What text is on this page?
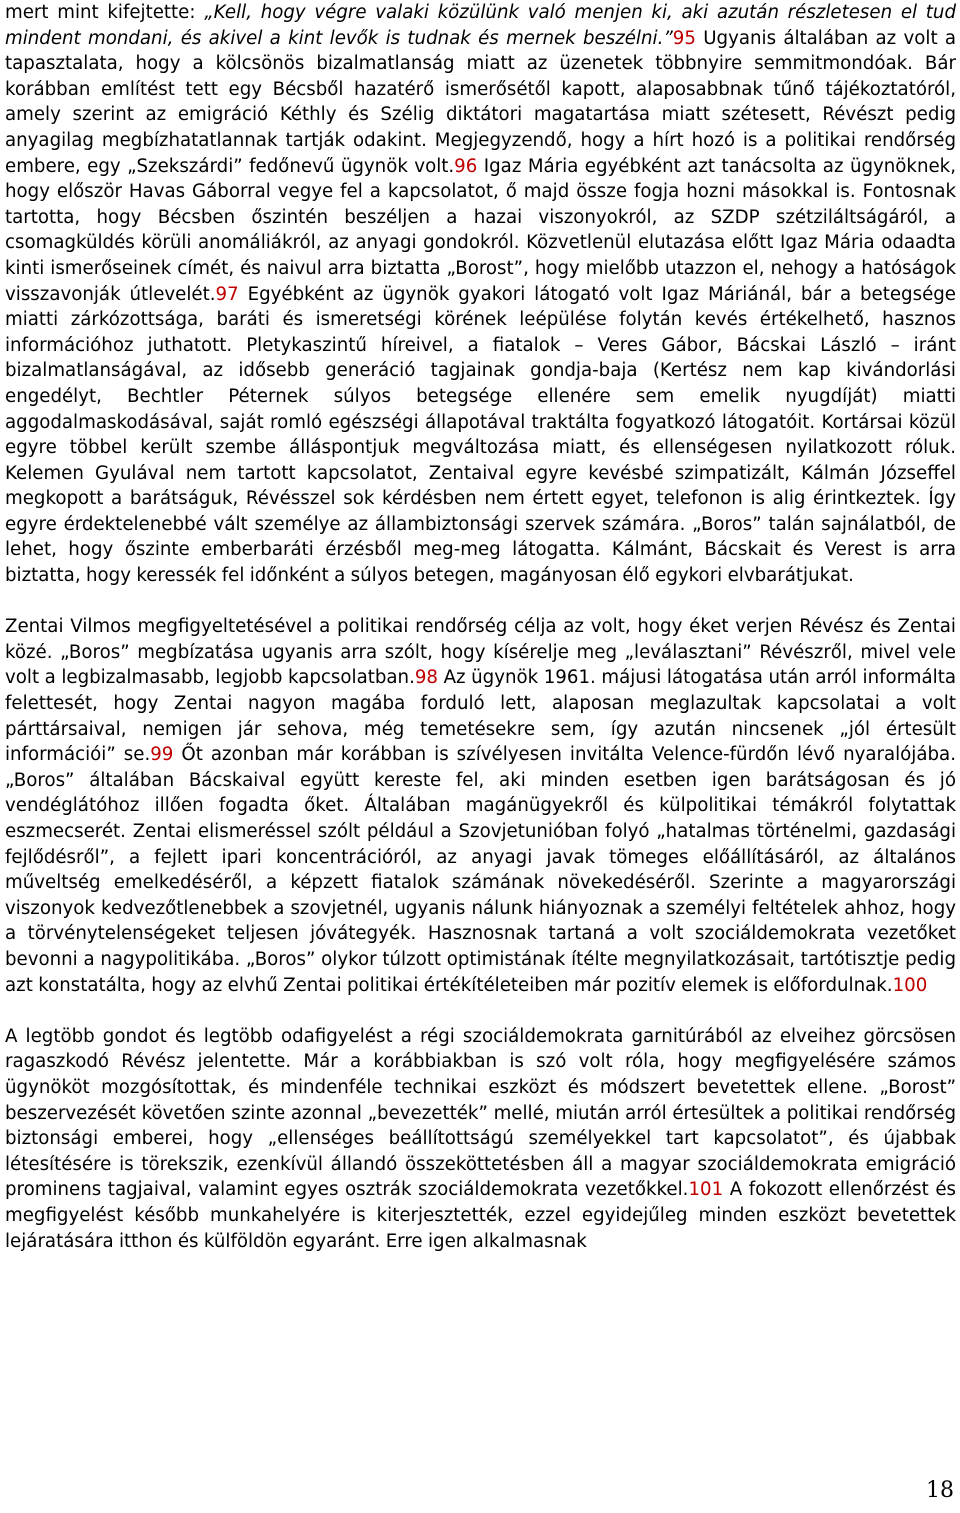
mert mint kifejtette: „Kell, hogy végre valaki közülünk való menjen ki, aki azután részletesen el tud mindent mondani, és akivel a kint levők is tudnak és mernek beszélni.”95 Ugyanis általában az volt a tapasztalata, hogy a kölcsönös bizalmatlanság miatt az üzenetek többnyire semmitmondóak. Bár korábban említést tett egy Bécsből hazatérő ismerősétől kapott, alaposabbnak tűnő tájékoztatóról, amely szerint az emigráció Kéthly és Szélig diktátori magatartása miatt szétesett, Révészt pedig anyagilag megbízhatatlannak tartják odakint. Megjegyzendő, hogy a hírt hozó is a politikai rendőrség embere, egy „Szekszárdi” fedőnevű ügynök volt.96 Igaz Mária egyébként azt tanácsolta az ügynöknek, hogy először Havas Gáborral vegye fel a kapcsolatot, ő majd össze fogja hozni másokkal is. Fontosnak tartotta, hogy Bécsben őszintén beszéljen a hazai viszonyokról, az SZDP szétziláltságáról, a csomagküldés körüli anomáliákról, az anyagi gondokról. Közvetlenül elutazása előtt Igaz Mária odaadta kinti ismerőseinek címét, és naivul arra biztatta „Borost”, hogy mielőbb utazzon el, nehogy a hatóságok visszavonják útlevelét.97 Egyébként az ügynök gyakori látogató volt Igaz Máriánál, bár a betegsége miatti zárkózottsága, baráti és ismeretségi körének leépülése folytán kevés értékelhető, hasznos információhoz juthatott. Pletykaszintű híreivel, a fiatalok – Veres Gábor, Bácskai László – iránt bizalmatlanságával, az idősebb generáció tagjainak gondja-baja (Kertész nem kap kivándorlási engedélyt, Bechtler Péternek súlyos betegsége ellenére sem emelik nyugdíját) miatti aggodalmaskodásával, saját romló egészségi állapotával traktálta fogyatkozó látogatóit. Kortársai közül egyre többel került szembe álláspontjuk megváltozása miatt, és ellenségesen nyilatkozott róluk. Kelemen Gyulával nem tartott kapcsolatot, Zentaival egyre kevésbé szimpatizált, Kálmán Józseffel megkopott a barátságuk, Révésszel sok kérdésben nem értett egyet, telefonon is alig érintkeztek. Így egyre érdektelenebbé vált személye az állambiztonsági szervek számára. „Boros” talán sajnálatból, de lehet, hogy őszinte emberbaráti érzésből meg-meg látogatta. Kálmánt, Bácskait és Verest is arra biztatta, hogy keressék fel időnként a súlyos betegen, magányosan élő egykori elvbarátjukat.

Zentai Vilmos megfigyeltetésével a politikai rendőrség célja az volt, hogy éket verjen Révész és Zentai közé. „Boros” megbízatása ugyanis arra szólt, hogy kísérelje meg „leválasztani” Révészről, mivel vele volt a legbizalmasabb, legjobb kapcsolatban.98 Az ügynök 1961. májusi látogatása után arról informálta felettesét, hogy Zentai nagyon magába forduló lett, alaposan meglazultak kapcsolatai a volt párttársaival, nemigen jár sehova, még temetésekre sem, így azután nincsenek „jól értesült információi” se.99 Őt azonban már korábban is szívélyesen invitálta Velence-fürdőn lévő nyaralójába. „Boros” általában Bácskaival együtt kereste fel, aki minden esetben igen barátságosan és jó vendéglátóhoz illően fogadta őket. Általában magánügyekről és külpolitikai témákról folytattak eszmecserét. Zentai elismeréssel szólt például a Szovjetunióban folyó „hatalmas történelmi, gazdasági fejlődésről”, a fejlett ipari koncentrációról, az anyagi javak tömeges előállításáról, az általános műveltség emelkedéséről, a képzett fiatalok számának növekedéséről. Szerinte a magyarországi viszonyok kedvezőtlenebbek a szovjetnél, ugyanis nálunk hiányoznak a személyi feltételek ahhoz, hogy a törvénytelenségeket teljesen jóvátegyék. Hasznosnak tartaná a volt szociáldemokrata vezetőket bevonni a nagypolitikába. „Boros” olykor túlzott optimistának ítélte megnyilatkozásait, tartótisztje pedig azt konstatálta, hogy az elvhű Zentai politikai értékítéleteiben már pozitív elemek is előfordulnak.100

A legtöbb gondot és legtöbb odafigyelést a régi szociáldemokrata garnitúrából az elveihez görcsösen ragaszkodó Révész jelentette. Már a korábbiakban is szó volt róla, hogy megfigyelésére számos ügynököt mozgósítottak, és mindenféle technikai eszközt és módszert bevetettek ellene. „Borost” beszervezését követően szinte azonnal „bevezették” mellé, miután arról értesültek a politikai rendőrség biztonsági emberei, hogy „ellenséges beállítottságú személyekkel tart kapcsolatot”, és újabbak létesítésére is törekszik, ezenkívül állandó összeköttetésben áll a magyar szociáldemokrata emigráció prominens tagjaival, valamint egyes osztrák szociáldemokrata vezetőkkel.101 A fokozott ellenőrzést és megfigyelést később munkahelyére is kiterjesztették, ezzel egyidejűleg minden eszközt bevetettek lejáratására itthon és külföldön egyaránt. Erre igen alkalmasnak

18
